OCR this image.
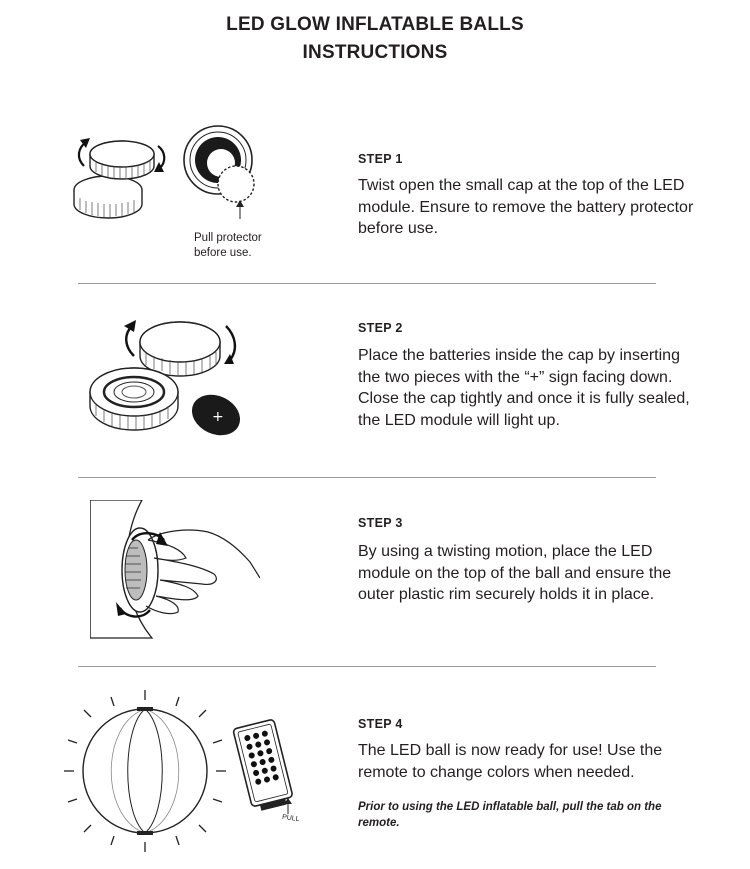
LED GLOW INFLATABLE BALLS
INSTRUCTIONS
Pull protector
before use.
STEP 1
Twist open the small cap at the top of the LED module. Ensure to remove the battery protector before use.
+
STEP 2
Place the batteries inside the cap by inserting the two pieces with the “+” sign facing down. Close the cap tightly and once it is fully sealed, the LED module will light up.
STEP 3
By using a twisting motion, place the LED module on the top of the ball and ensure the outer plastic rim securely holds it in place.
PULL
STEP 4
The LED ball is now ready for use! Use the remote to change colors when needed.
Prior to using the LED inflatable ball, pull the tab on the remote.
